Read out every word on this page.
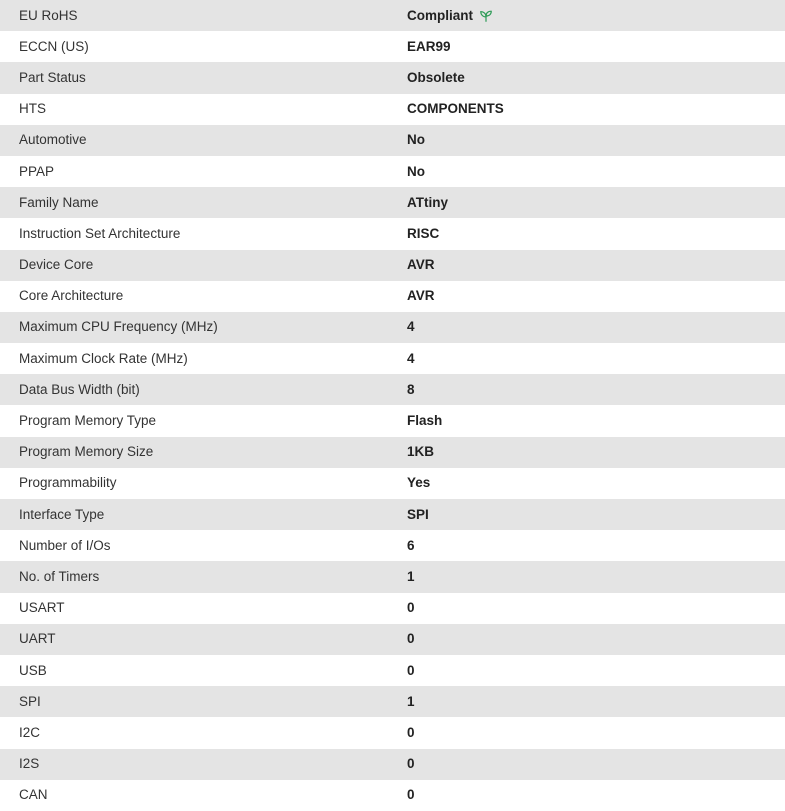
EU RoHS	Compliant
ECCN (US)	EAR99
Part Status	Obsolete
HTS	COMPONENTS
Automotive	No
PPAP	No
Family Name	ATtiny
Instruction Set Architecture	RISC
Device Core	AVR
Core Architecture	AVR
Maximum CPU Frequency (MHz)	4
Maximum Clock Rate (MHz)	4
Data Bus Width (bit)	8
Program Memory Type	Flash
Program Memory Size	1KB
Programmability	Yes
Interface Type	SPI
Number of I/Os	6
No. of Timers	1
USART	0
UART	0
USB	0
SPI	1
I2C	0
I2S	0
CAN	0
